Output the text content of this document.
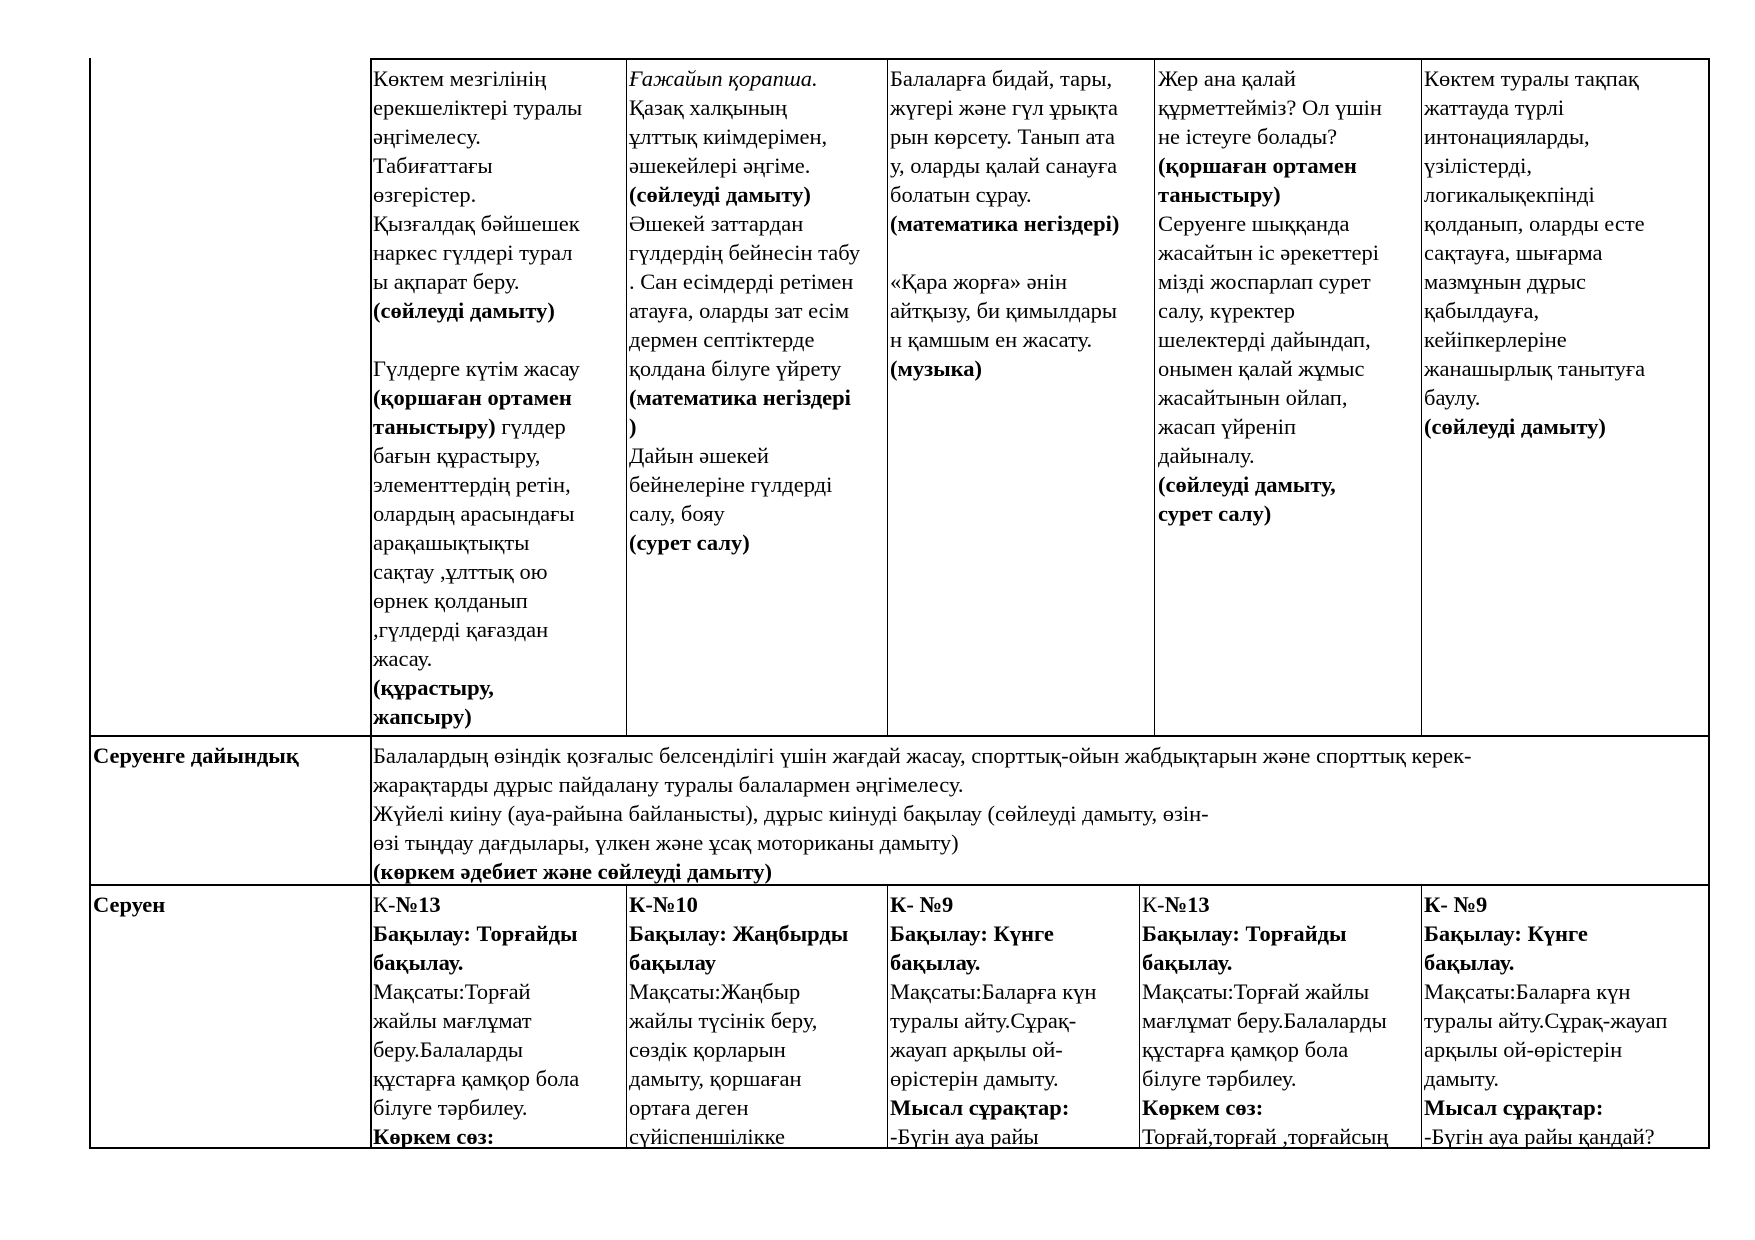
Көктем мезгілінің
ерекшеліктері туралы
әңгімелесу.
Табиғаттағы
өзгерістер.
Қызғалдақ бәйшешек
наркес гүлдері турал
ы ақпарат беру.
(сөйлеуді дамыту)
Гүлдерге күтім жасау
(қоршаған ортамен
таныстыру) гүлдер
бағын құрастыру,
элементтердің ретін,
олардың арасындағы
арақашықтықты
сақтау ,ұлттық ою
өрнек қолданып
,гүлдерді қағаздан
жасау.
(құрастыру,
жапсыру)
Ғажайып қорапша.
Қазақ халқының
ұлттық киімдерімен,
әшекейлері әңгіме.
(сөйлеуді дамыту)
Әшекей заттардан
гүлдердің бейнесін табу
. Сан есімдерді ретімен
атауға, оларды зат есім
дермен септіктерде
қолдана білуге үйрету
(математика негіздері
)
Дайын әшекей
бейнелеріне гүлдерді
салу, бояу
(сурет салу)
Балаларға бидай, тары,
жүгері және гүл ұрықта
рын көрсету. Танып ата
у, оларды қалай санауға
болатын сұрау.
(математика негіздері)
«Қара жорға» әнін
айтқызу, би қимылдары
н қамшым ен жасату.
(музыка)
Жер ана қалай
құрметтейміз? Ол үшін
не істеуге болады?
(қоршаған ортамен
таныстыру)
Серуенге шыққанда
жасайтын іс әрекеттері
мізді жоспарлап сурет
салу, күректер
шелектерді дайындап,
онымен қалай жұмыс
жасайтынын ойлап,
жасап үйреніп
дайыналу.
(сөйлеуді дамыту,
сурет салу)
Көктем туралы тақпақ
жаттауда түрлі
интонацияларды,
үзілістерді,
логикалықекпінді
қолданып, оларды есте
сақтауға, шығарма
мазмұнын дұрыс
қабылдауға,
кейіпкерлеріне
жанашырлық танытуға
баулу.
(сөйлеуді дамыту)
Серуенге дайындық	Балалардың өзіндік қозғалыс белсенділігі үшін жағдай жасау, спорттық-ойын жабдықтарын және спорттық керек-
жарақтарды дұрыс пайдалану туралы балалармен әңгімелесу.
Жүйелі киіну (ауа-райына байланысты), дұрыс киінуді бақылау (сөйлеуді дамыту, өзін-
өзі тыңдау дағдылары, үлкен және ұсақ моториканы дамыту)
(көркем әдебиет және сөйлеуді дамыту)
Серуен	К-№13
Бақылау: Торғайды
бақылау.
Мақсаты:Торғай
жайлы мағлұмат
беру.Балаларды
құстарға қамқор бола
білуге тәрбилеу.
Көркем сөз:
К-№10
Бақылау: Жаңбырды
бақылау
Мақсаты:Жаңбыр
жайлы түсінік беру,
сөздік қорларын
дамыту, қоршаған
ортаға деген
сүйіспеншілікке
К- №9
Бақылау: Күнге
бақылау.
Мақсаты:Баларға күн
туралы айту.Сұрақ-
жауап арқылы ой-
өрістерін дамыту.
Мысал сұрақтар:
-Бүгін ауа райы
К-№13
Бақылау: Торғайды
бақылау.
Мақсаты:Торғай жайлы
мағлұмат беру.Балаларды
құстарға қамқор бола
білуге тәрбилеу.
Көркем сөз:
Торғай,торғай ,торғайсың
К- №9
Бақылау: Күнге
бақылау.
Мақсаты:Баларға күн
туралы айту.Сұрақ-жауап
арқылы ой-өрістерін
дамыту.
Мысал сұрақтар:
-Бүгін ауа райы қандай?
